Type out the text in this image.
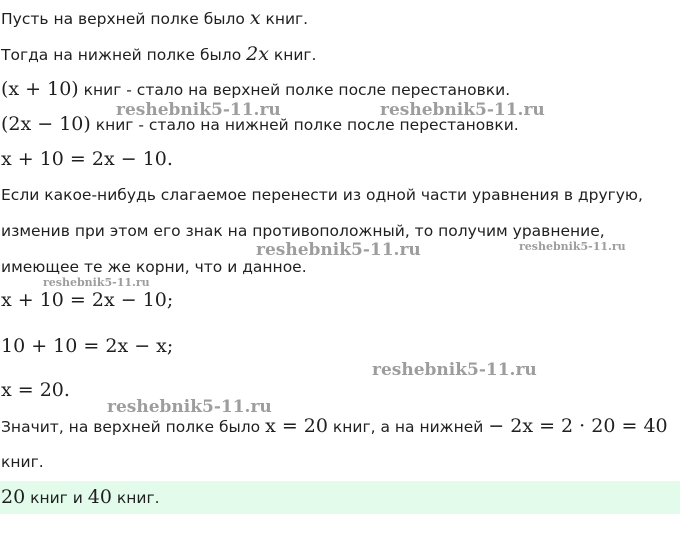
Пусть на верхней полке было x книг.
Тогда на нижней полке было 2x книг.
(x + 10) книг - стало на верхней полке после перестановки.
(2x − 10) книг - стало на нижней полке после перестановки.
x + 10 = 2x − 10.
Если какое-нибудь слагаемое перенести из одной части уравнения в другую,
изменив при этом его знак на противоположный, то получим уравнение,
имеющее те же корни, что и данное.
x + 10 = 2x − 10;
10 + 10 = 2x − x;
x = 20.
Значит, на верхней полке было x = 20 книг, а на нижней − 2x = 2 · 20 = 40
книг.
20 книг и 40 книг.
reshebnik5-11.ru	reshebnik5-11.ru
reshebnik5-11.ru	reshebnik5-11.ru
reshebnik5-11.ru
reshebnik5-11.ru
reshebnik5-11.ru
